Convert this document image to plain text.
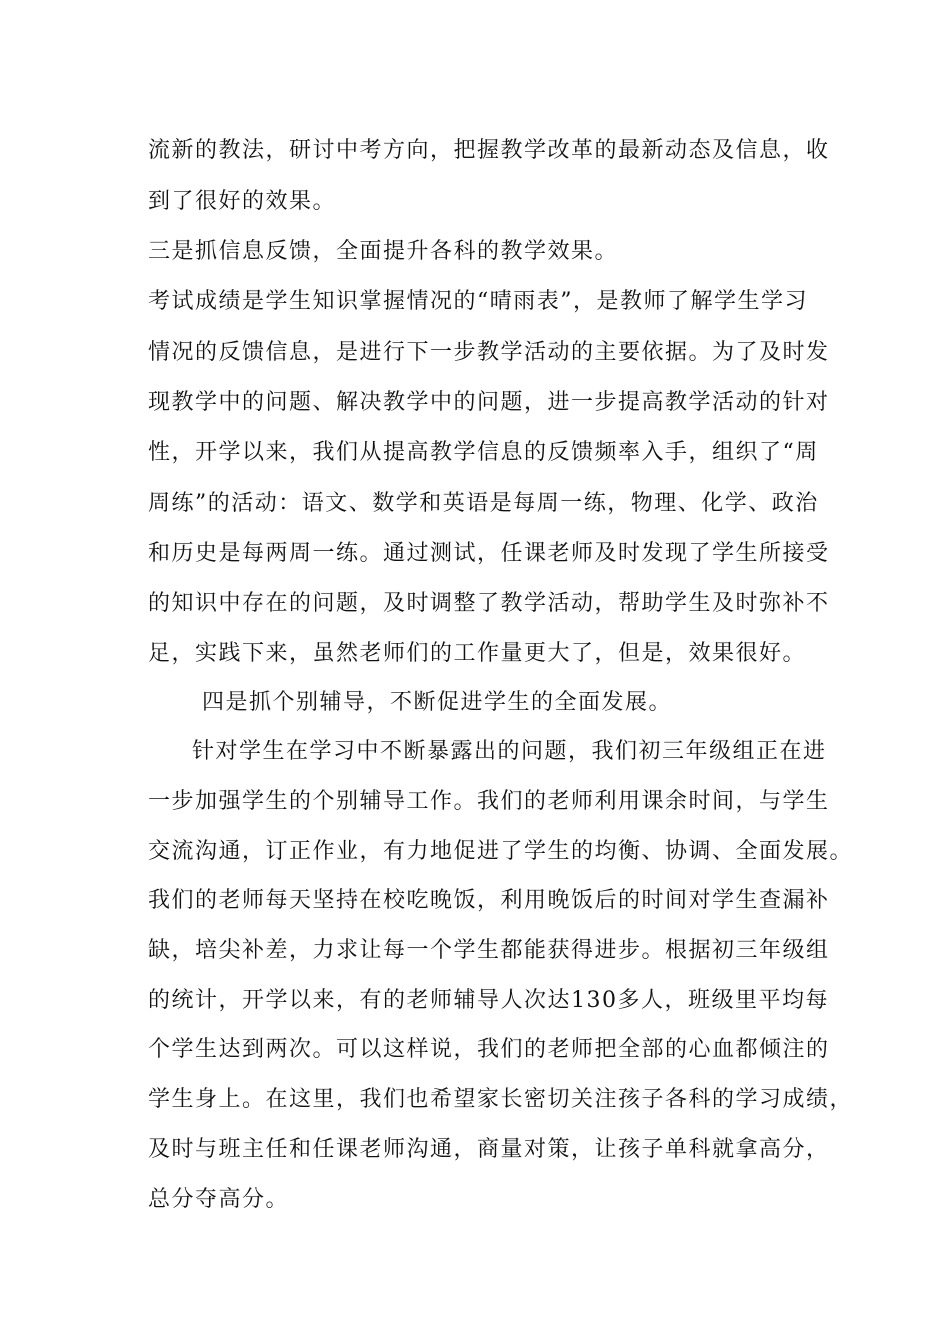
流新的教法，研讨中考方向，把握教学改革的最新动态及信息，收
到了很好的效果。
三是抓信息反馈，全面提升各科的教学效果。
考试成绩是学生知识掌握情况的“晴雨表”，是教师了解学生学习
情况的反馈信息，是进行下一步教学活动的主要依据。为了及时发
现教学中的问题、解决教学中的问题，进一步提高教学活动的针对
性，开学以来，我们从提高教学信息的反馈频率入手，组织了“周
周练”的活动：语文、数学和英语是每周一练，物理、化学、政治
和历史是每两周一练。通过测试，任课老师及时发现了学生所接受
的知识中存在的问题，及时调整了教学活动，帮助学生及时弥补不
足，实践下来，虽然老师们的工作量更大了，但是，效果很好。
四是抓个别辅导，不断促进学生的全面发展。
针对学生在学习中不断暴露出的问题，我们初三年级组正在进
一步加强学生的个别辅导工作。我们的老师利用课余时间，与学生
交流沟通，订正作业，有力地促进了学生的均衡、协调、全面发展。
我们的老师每天坚持在校吃晚饭，利用晚饭后的时间对学生查漏补
缺，培尖补差，力求让每一个学生都能获得进步。根据初三年级组
的统计，开学以来，有的老师辅导人次达130多人，班级里平均每
个学生达到两次。可以这样说，我们的老师把全部的心血都倾注的
学生身上。在这里，我们也希望家长密切关注孩子各科的学习成绩，
及时与班主任和任课老师沟通，商量对策，让孩子单科就拿高分，
总分夺高分。
